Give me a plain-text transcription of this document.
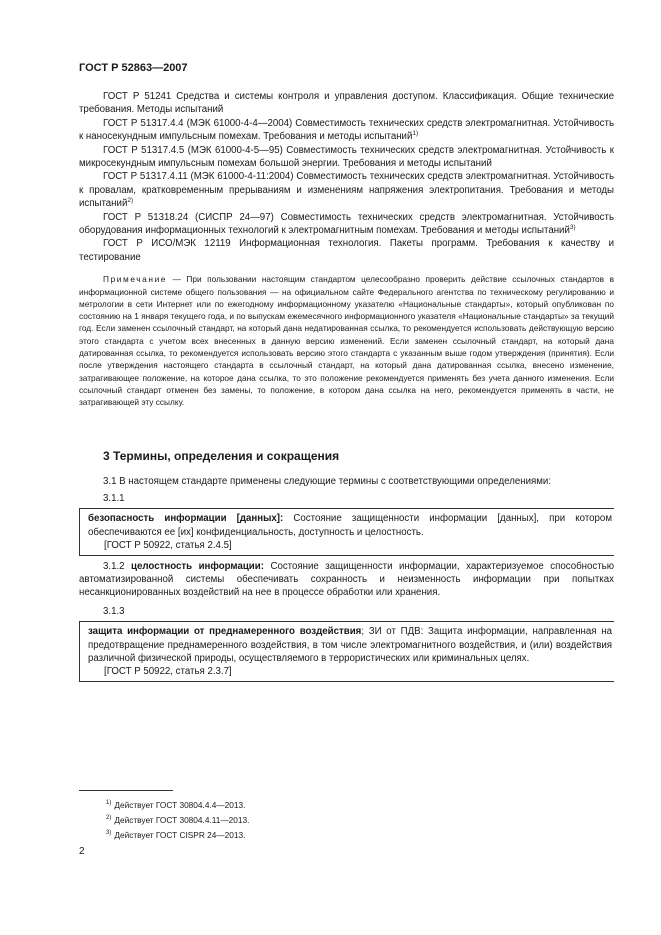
ГОСТ Р 52863—2007

ГОСТ Р 51241 Средства и системы контроля и управления доступом. Классификация. Общие технические требования. Методы испытаний

ГОСТ Р 51317.4.4 (МЭК 61000-4-4—2004) Совместимость технических средств электромагнитная. Устойчивость к наносекундным импульсным помехам. Требования и методы испытаний$^{1)}$

ГОСТ Р 51317.4.5 (МЭК 61000-4-5—95) Совместимость технических средств электромагнитная. Устойчивость к микросекундным импульсным помехам большой энергии. Требования и методы испытаний

ГОСТ Р 51317.4.11 (МЭК 61000-4-11:2004) Совместимость технических средств электромагнитная. Устойчивость к провалам, кратковременным прерываниям и изменениям напряжения электропитания. Требования и методы испытаний$^{2)}$

ГОСТ Р 51318.24 (СИСПР 24—97) Совместимость технических средств электромагнитная. Устойчивость оборудования информационных технологий к электромагнитным помехам. Требования и методы испытаний$^{3)}$

ГОСТ Р ИСО/МЭК 12119 Информационная технология. Пакеты программ. Требования к качеству и тестирование

Примечание — При пользовании настоящим стандартом целесообразно проверить действие ссылочных стандартов в информационной системе общего пользования — на официальном сайте Федерального агентства по техническому регулированию и метрологии в сети Интернет или по ежегодному информационному указателю «Национальные стандарты», который опубликован по состоянию на 1 января текущего года, и по выпускам ежемесячного информационного указателя «Национальные стандарты» за текущий год. Если заменен ссылочный стандарт, на который дана недатированная ссылка, то рекомендуется использовать действующую версию этого стандарта с учетом всех внесенных в данную версию изменений. Если заменен ссылочный стандарт, на который дана датированная ссылка, то рекомендуется использовать версию этого стандарта с указанным выше годом утверждения (принятия). Если после утверждения настоящего стандарта в ссылочный стандарт, на который дана датированная ссылка, внесено изменение, затрагивающее положение, на которое дана ссылка, то это положение рекомендуется применять без учета данного изменения. Если ссылочный стандарт отменен без замены, то положение, в котором дана ссылка на него, рекомендуется применять в части, не затрагивающей эту ссылку.

3 Термины, определения и сокращения

3.1 В настоящем стандарте применены следующие термины с соответствующими определениями:

3.1.1

безопасность информации [данных]: Состояние защищенности информации [данных], при котором обеспечиваются ее [их] конфиденциальность, доступность и целостность.

[ГОСТ Р 50922, статья 2.4.5]

3.1.2 целостность информации: Состояние защищенности информации, характеризуемое способностью автоматизированной системы обеспечивать сохранность и неизменность информации при попытках несанкционированных воздействий на нее в процессе обработки или хранения.

3.1.3

защита информации от преднамеренного воздействия; ЗИ от ПДВ: Защита информации, направленная на предотвращение преднамеренного воздействия, в том числе электромагнитного воздействия, и (или) воздействия различной физической природы, осуществляемого в террористических или криминальных целях.

[ГОСТ Р 50922, статья 2.3.7]

$^{1)}$ Действует ГОСТ 30804.4.4—2013.
$^{2)}$ Действует ГОСТ 30804.4.11—2013.
$^{3)}$ Действует ГОСТ CISPR 24—2013.
2
